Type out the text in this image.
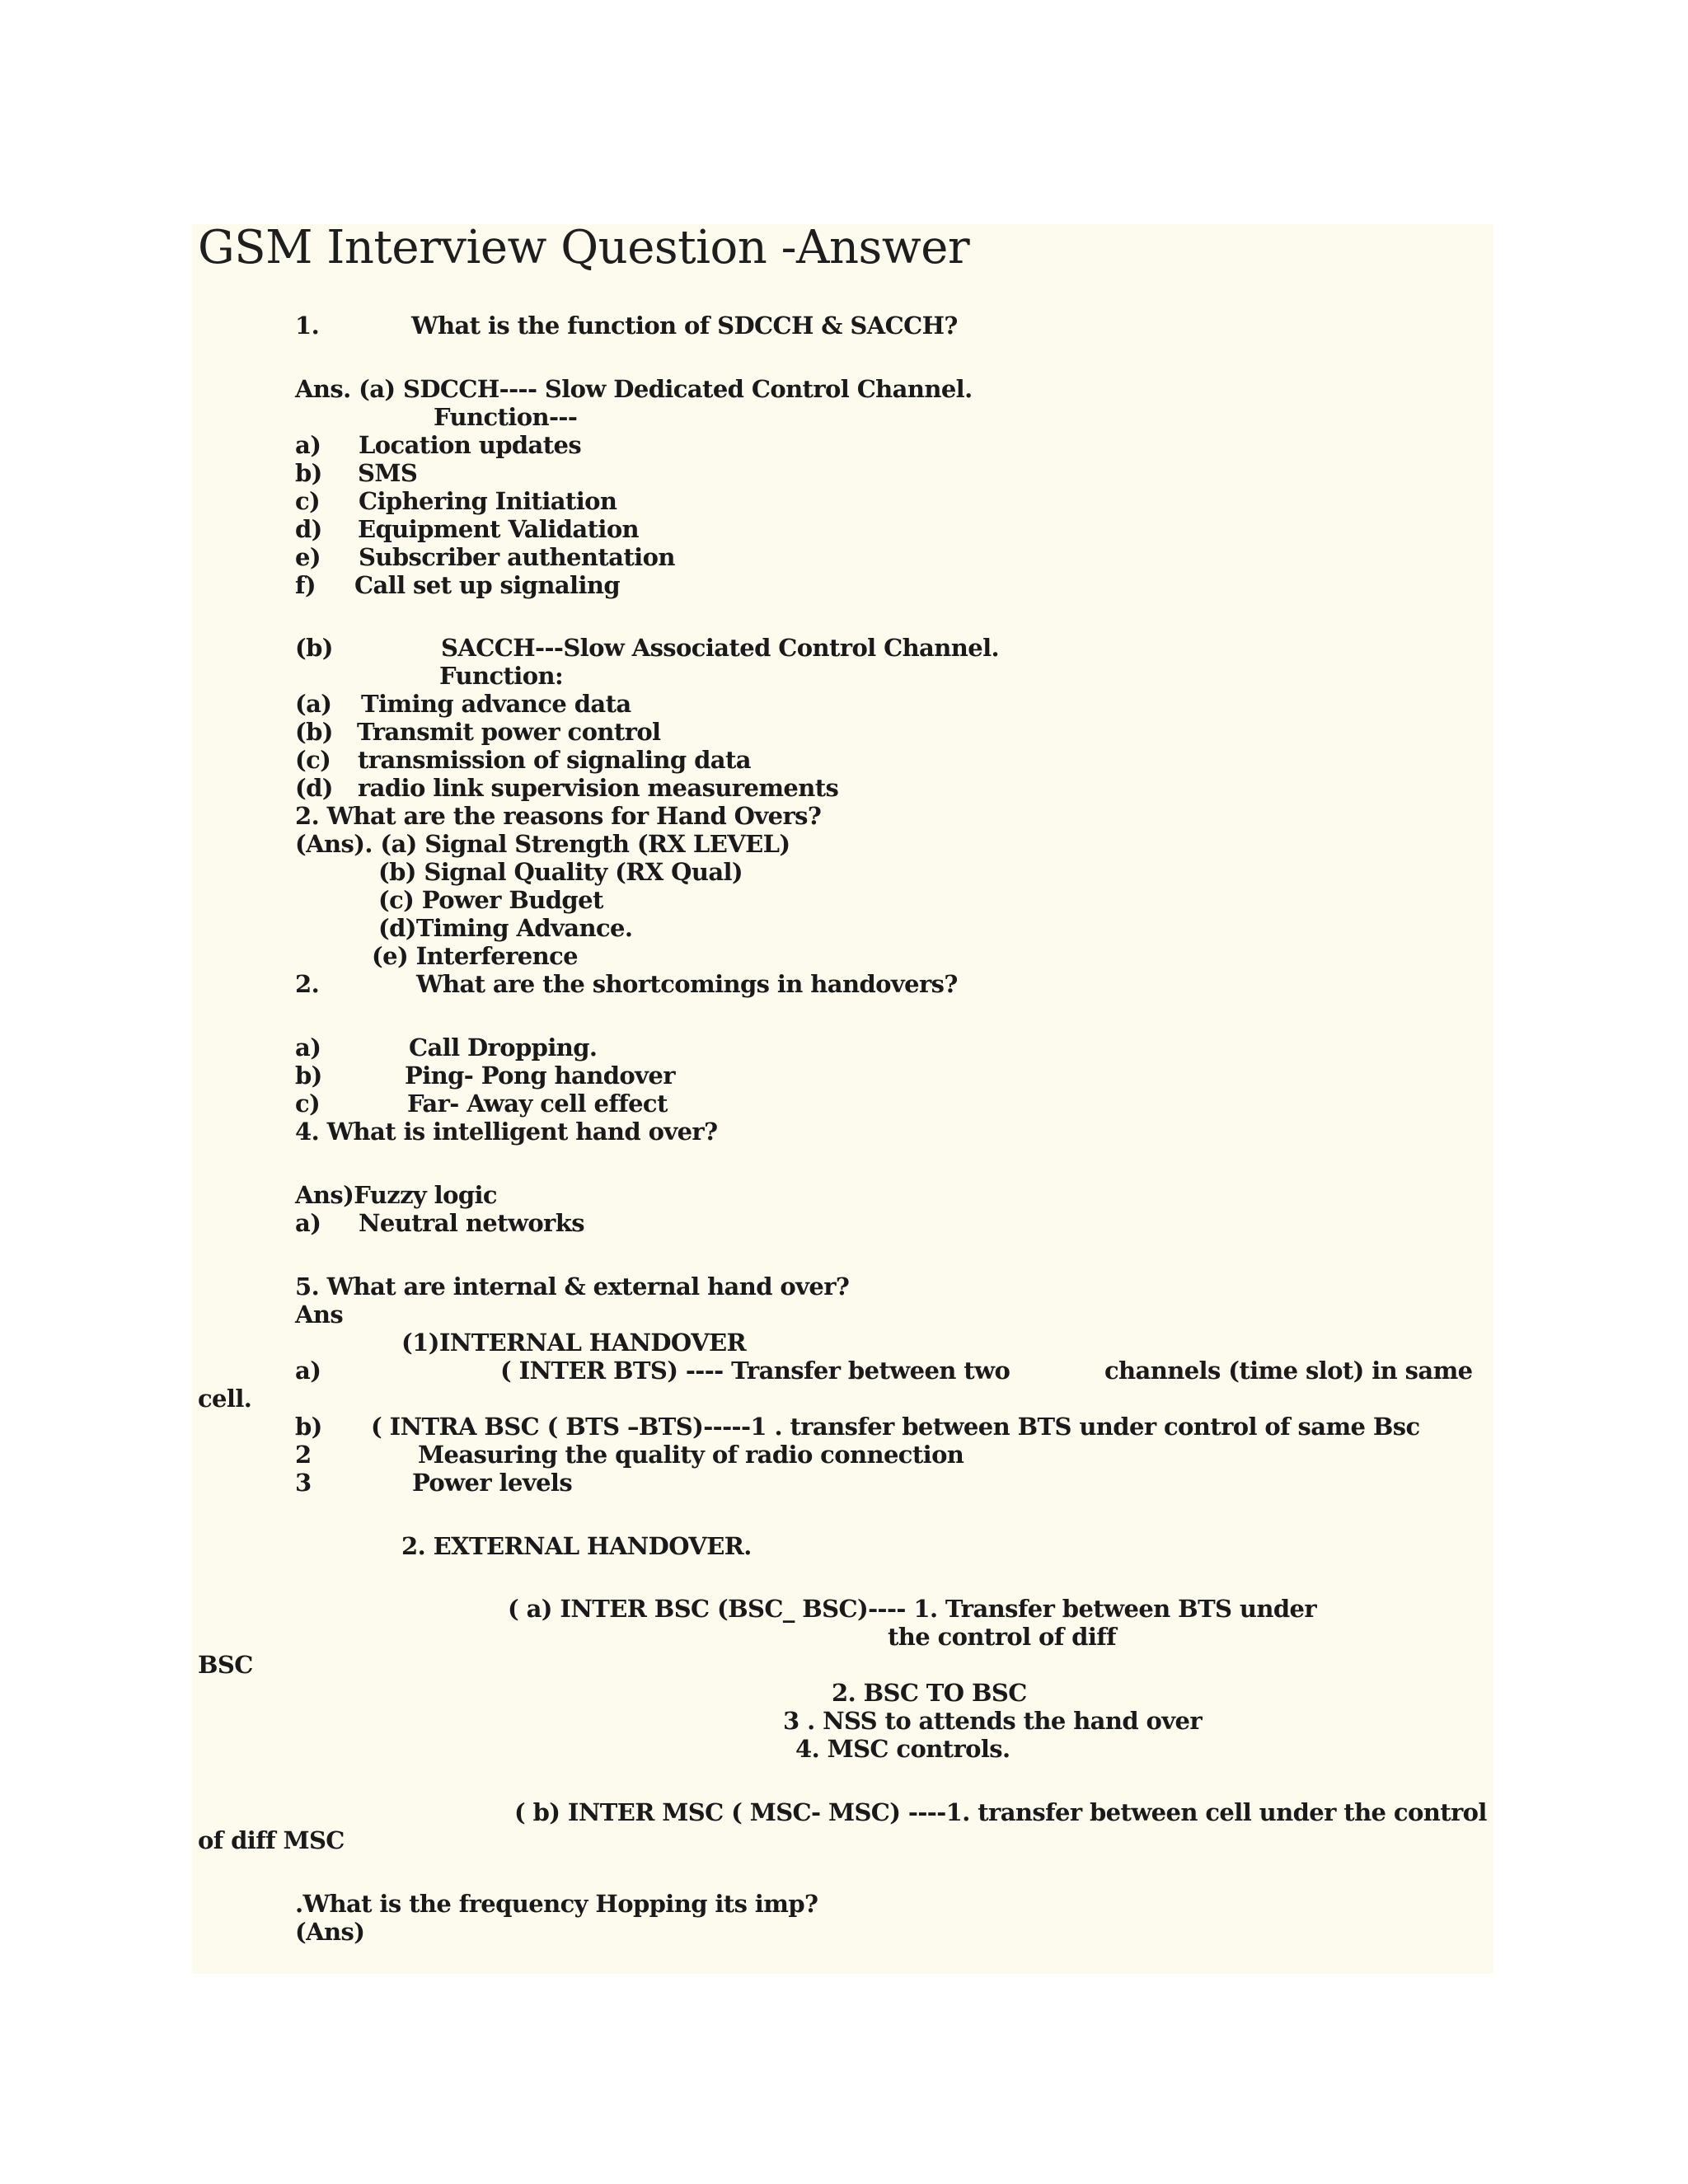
GSM Interview Question -Answer
1.	What is the function of SDCCH & SACCH?
Ans. (a) SDCCH---- Slow Dedicated Control Channel.
Function---
a) Location updates
b) SMS
c) Ciphering Initiation
d) Equipment Validation
e) Subscriber authentation
f) Call set up signaling
(b)	SACCH---Slow Associated Control Channel.
Function:
(a) Timing advance data
(b) Transmit power control
(c) transmission of signaling data
(d) radio link supervision measurements
2. What are the reasons for Hand Overs?
(Ans). (a) Signal Strength (RX LEVEL)
(b) Signal Quality (RX Qual)
(c) Power Budget
(d)Timing Advance.
(e) Interference
2.	What are the shortcomings in handovers?
a)	Call Dropping.
b)	Ping- Pong handover
c)	Far- Away cell effect
4. What is intelligent hand over?
Ans)Fuzzy logic
a) Neutral networks
5. What are internal & external hand over?
Ans
(1)INTERNAL HANDOVER
a)	( INTER BTS) ---- Transfer between two	channels (time slot) in same
cell.
b) ( INTRA BSC ( BTS –BTS)-----1 . transfer between BTS under control of same Bsc
2	Measuring the quality of radio connection
3	Power levels
2. EXTERNAL HANDOVER.
( a) INTER BSC (BSC_ BSC)---- 1. Transfer between BTS under
the control of diff
BSC
2. BSC TO BSC
3 . NSS to attends the hand over
4. MSC controls.
( b) INTER MSC ( MSC- MSC) ----1. transfer between cell under the control
of diff MSC
.What is the frequency Hopping its imp?
(Ans)
